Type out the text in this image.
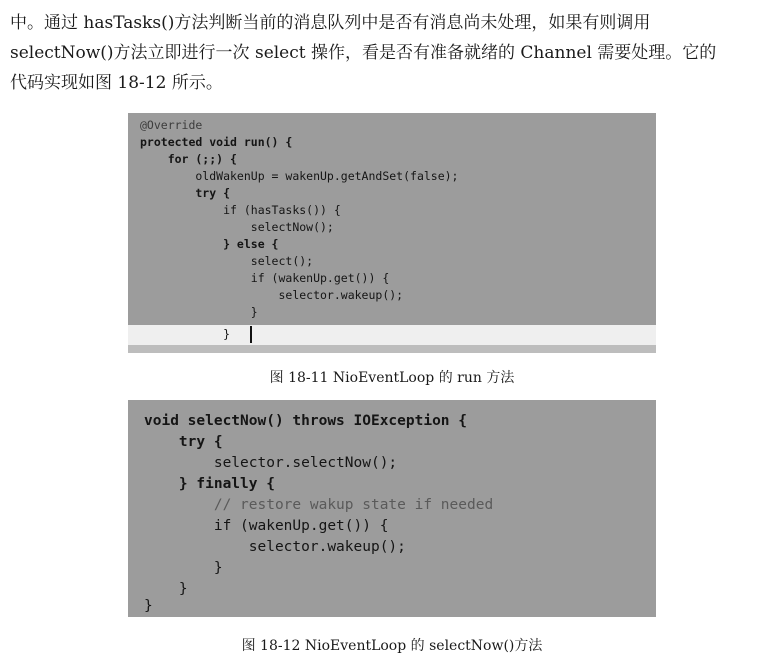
中。通过 hasTasks()方法判断当前的消息队列中是否有消息尚未处理，如果有则调用
selectNow()方法立即进行一次 select 操作，看是否有准备就绪的 Channel 需要处理。它的
代码实现如图 18-12 所示。
@Override
protected void run() {
for (;;) {
oldWakenUp = wakenUp.getAndSet(false);
try {
if (hasTasks()) {
selectNow();
} else {
select();
if (wakenUp.get()) {
selector.wakeup();
}
}
图 18-11 NioEventLoop 的 run 方法
void selectNow() throws IOException {
try {
selector.selectNow();
} finally {
// restore wakup state if needed
if (wakenUp.get()) {
selector.wakeup();
}
}
}
图 18-12 NioEventLoop 的 selectNow()方法
